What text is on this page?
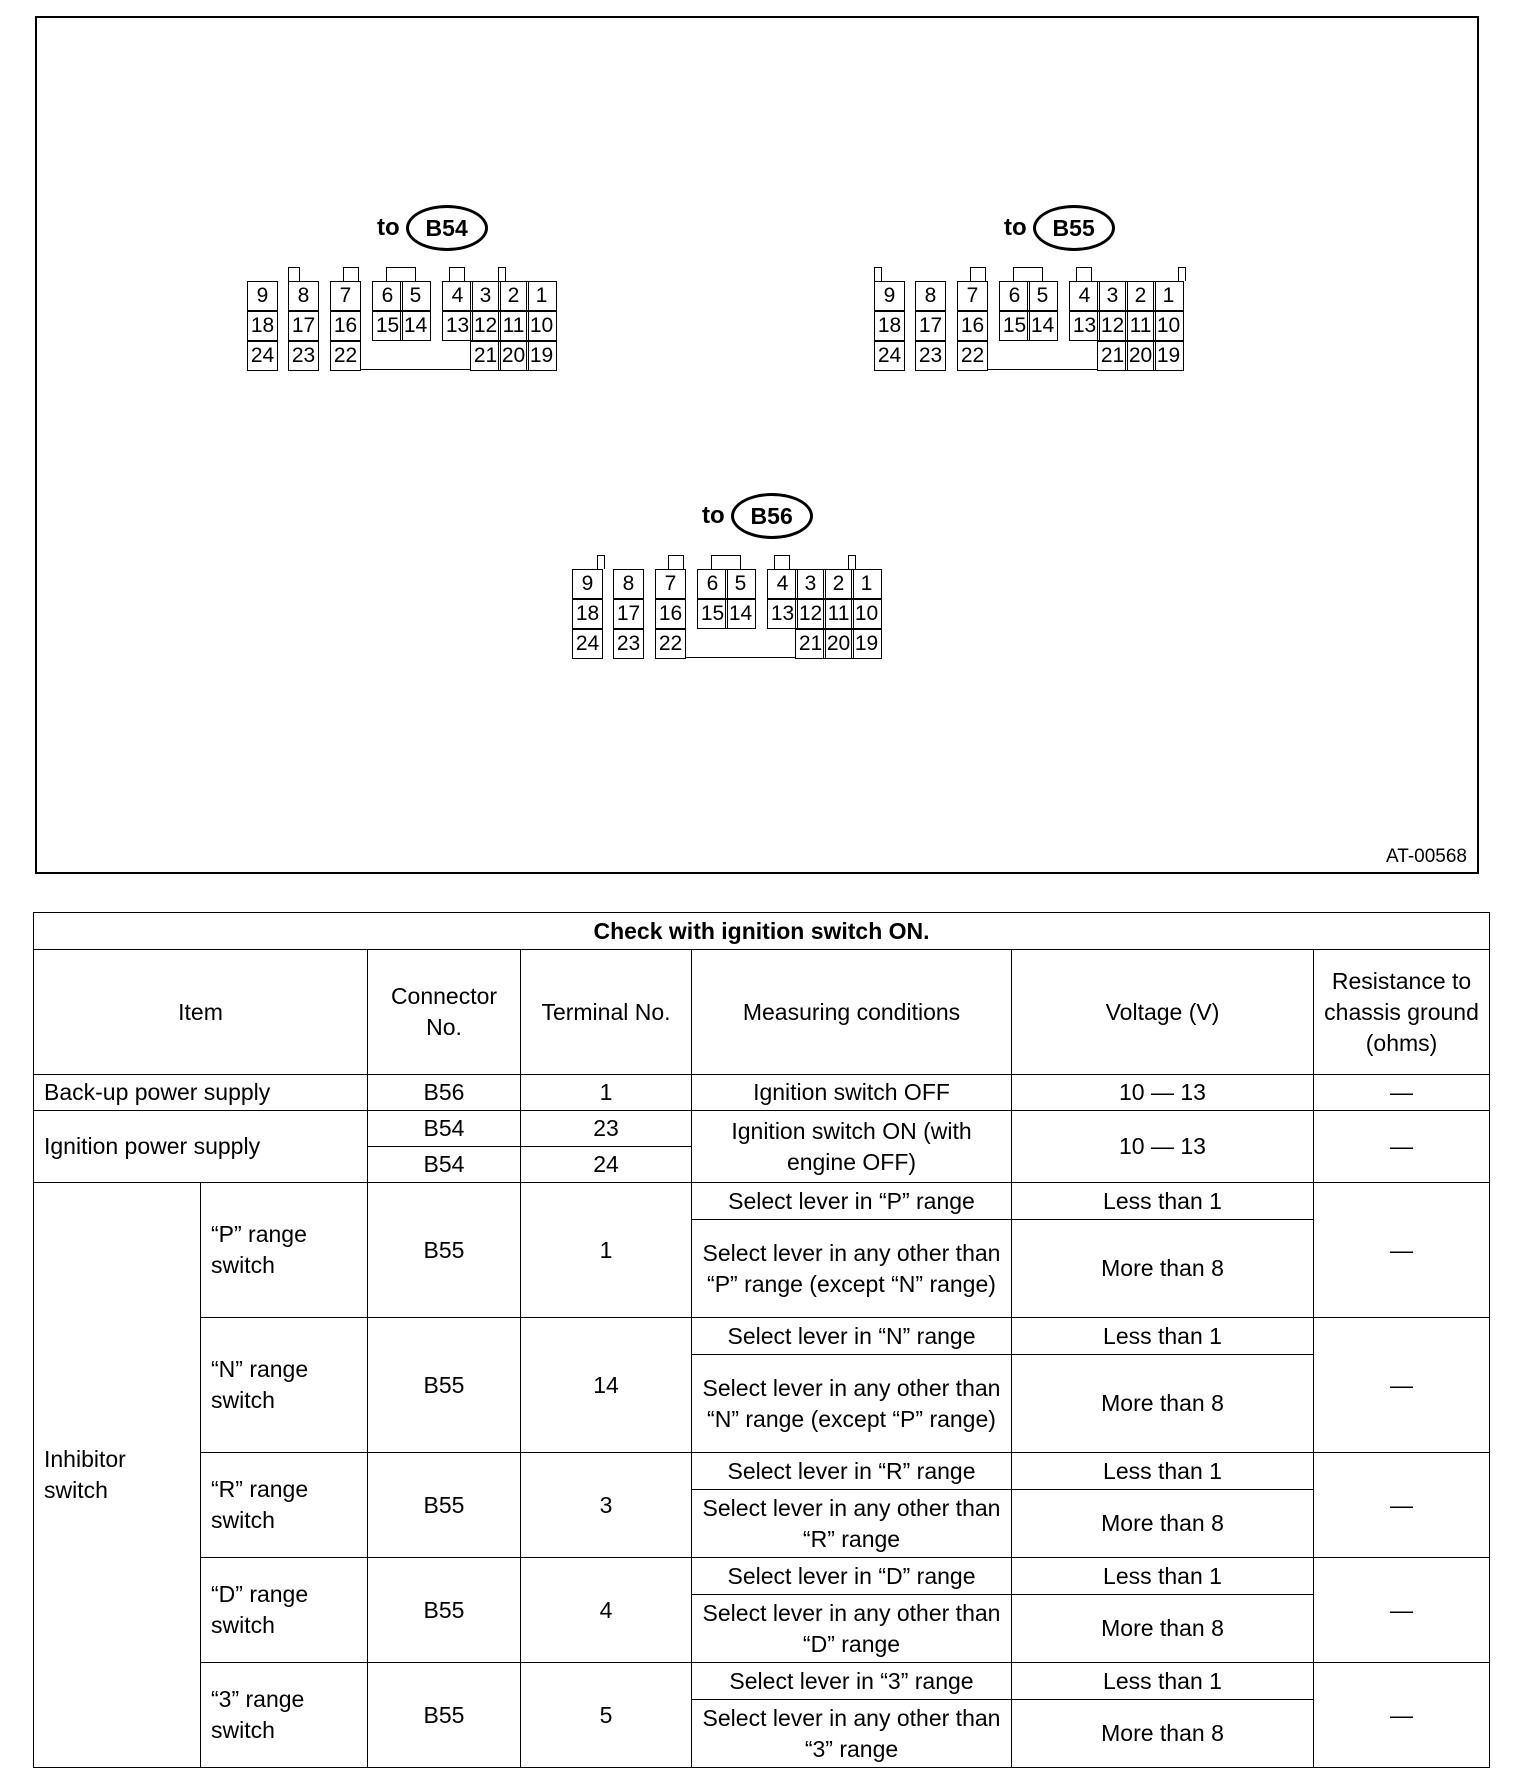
to	B54
9	8	7	6 5	4 3 2 1
18 17 16 15 14 13 12 11 10
24 23 22	21 20 19
to	B55
9	8	7	6 5	4 3 2 1
18 17 16 15 14 13 12 11 10
24 23 22	21 20 19
to	B56
9	8	7	6 5	4 3 2 1
18 17 16 15 14 13 12 11 10
24 23 22	21 20 19
AT-00568
Check with ignition switch ON.						
Item		Connector No.	Terminal No.	Measuring conditions	Voltage (V)	Resistance to chassis ground (ohms)
Back-up power supply		B56	1	Ignition switch OFF	10 — 13	—
Ignition power supply		B54	23	Ignition switch ON (with engine OFF)	10 — 13	—
		B54	24			
Inhibitor switch	“P” range switch	B55	1	Select lever in “P” range	Less than 1	—
				Select lever in any other than “P” range (except “N” range)	More than 8	
	“N” range switch	B55	14	Select lever in “N” range	Less than 1	—
				Select lever in any other than “N” range (except “P” range)	More than 8	
	“R” range switch	B55	3	Select lever in “R” range	Less than 1	—
				Select lever in any other than “R” range	More than 8	
	“D” range switch	B55	4	Select lever in “D” range	Less than 1	—
				Select lever in any other than “D” range	More than 8	
	“3” range switch	B55	5	Select lever in “3” range	Less than 1	—
				Select lever in any other than “3” range	More than 8	
